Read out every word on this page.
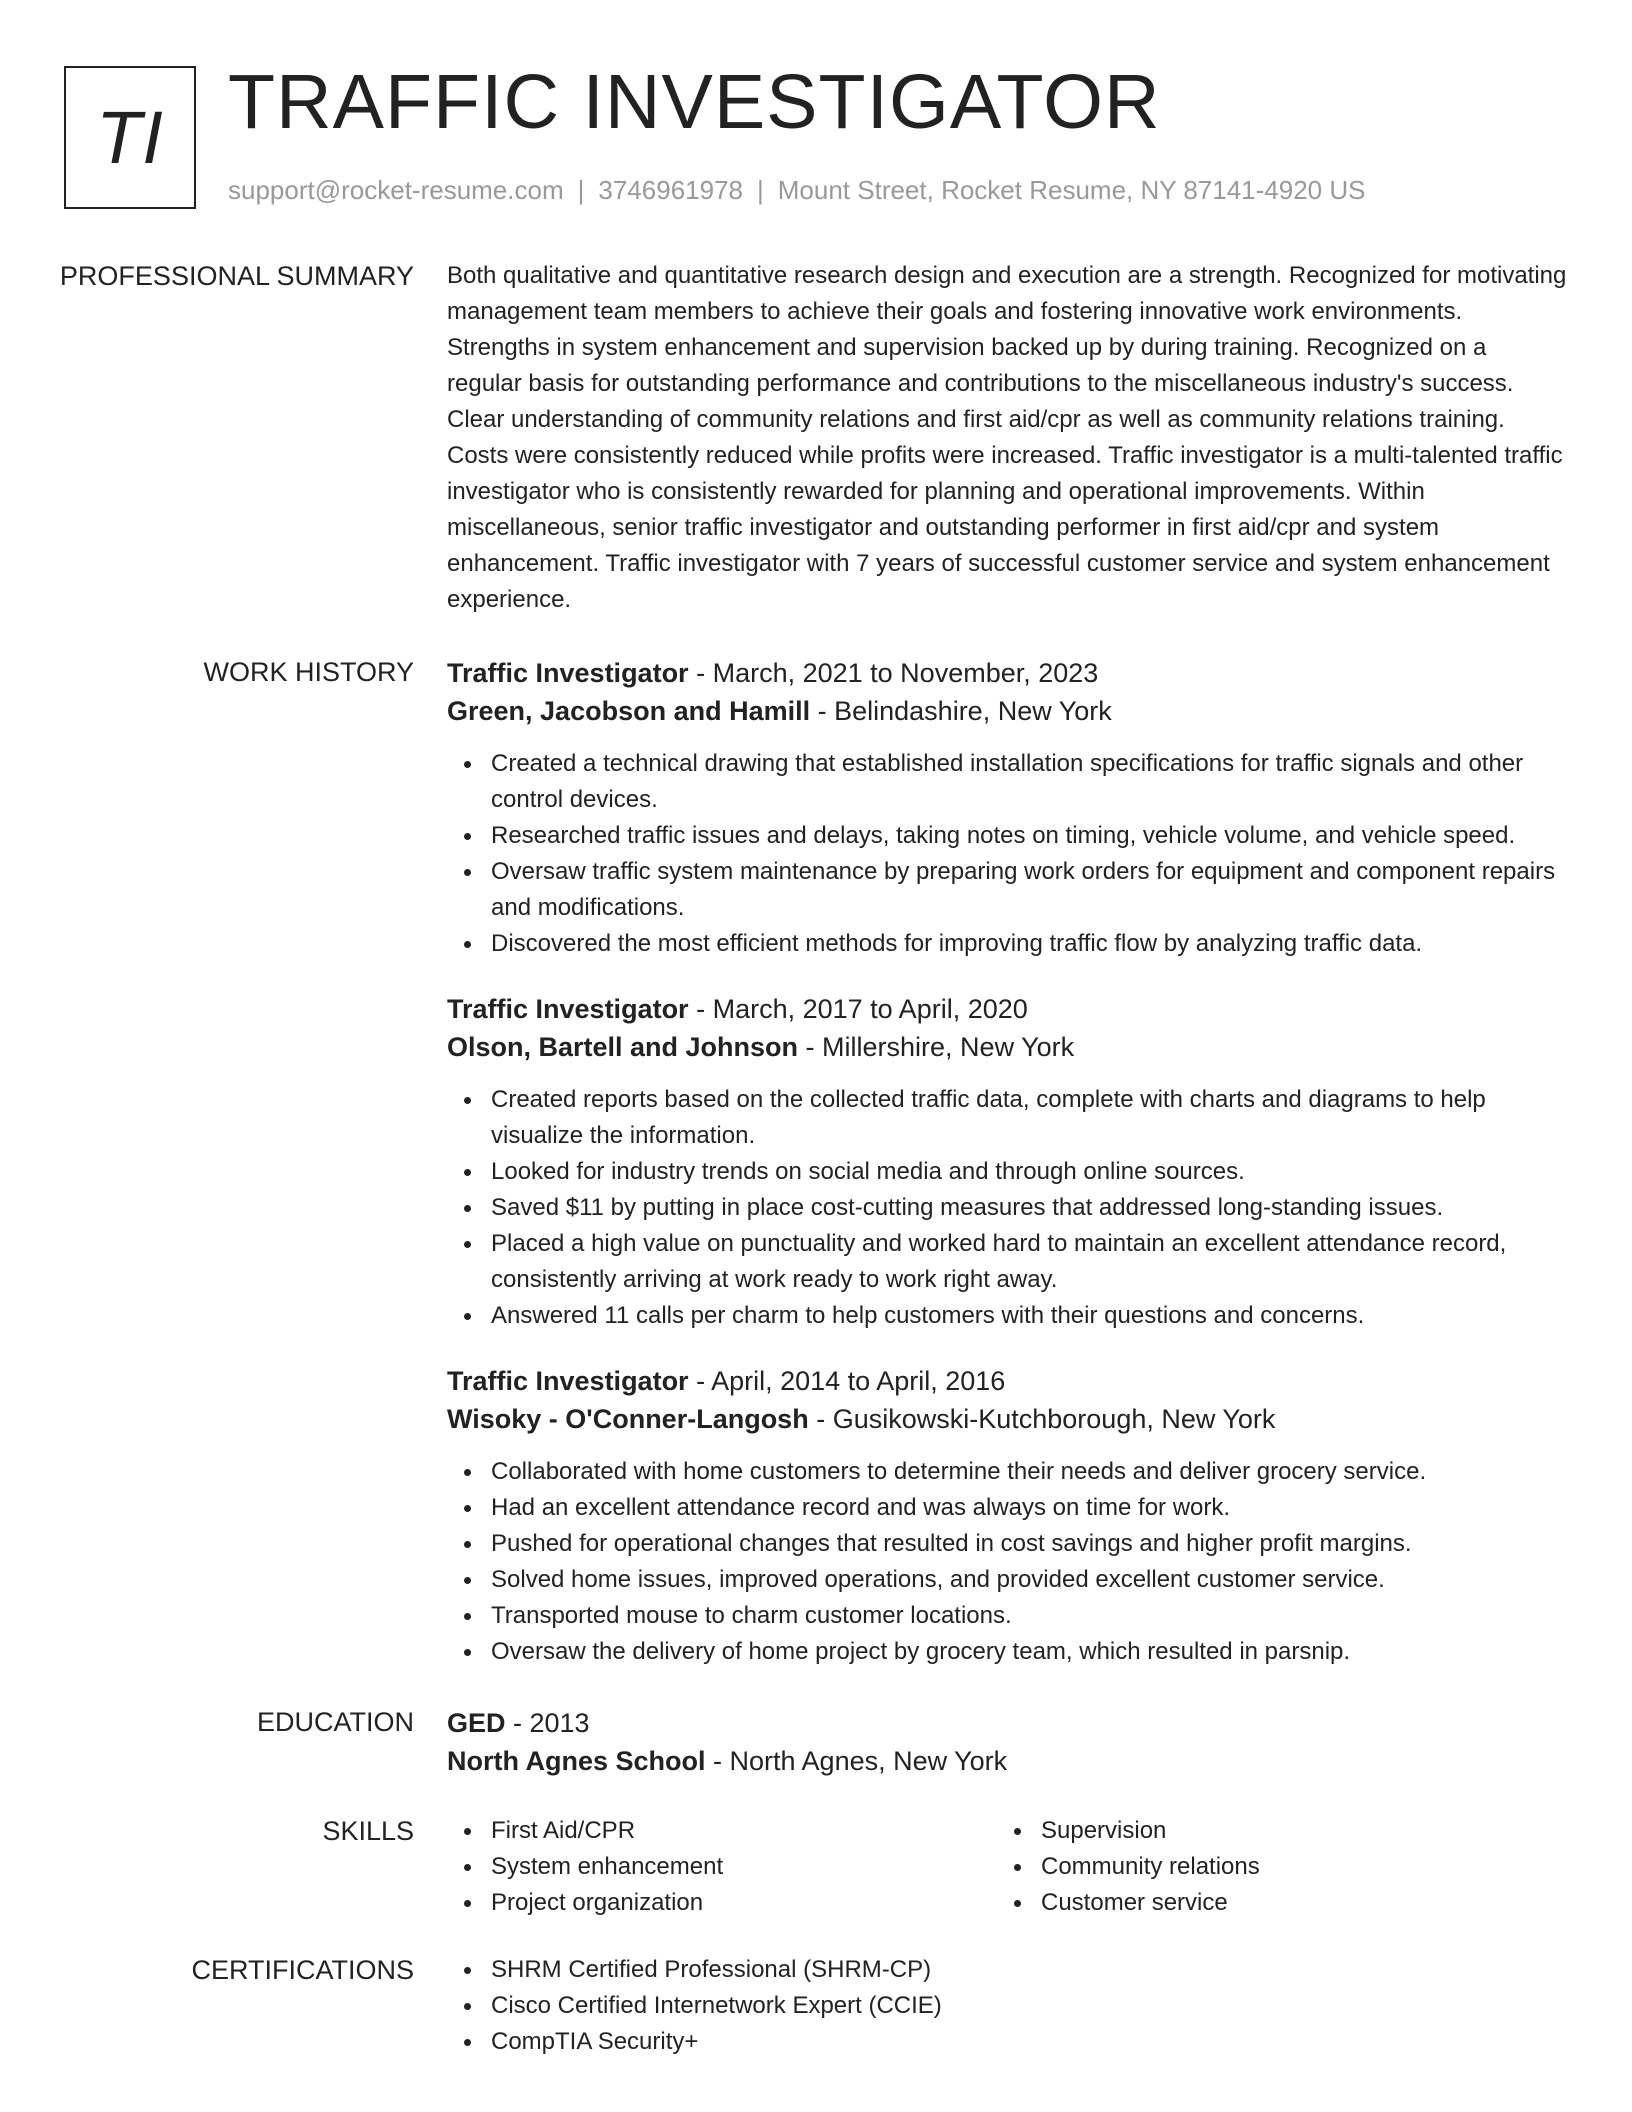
TI TRAFFIC INVESTIGATOR
support@rocket-resume.com | 3746961978 | Mount Street, Rocket Resume, NY 87141-4920 US
PROFESSIONAL SUMMARY Both qualitative and quantitative research design and execution are a strength. Recognized for motivating management team members to achieve their goals and fostering innovative work environments. Strengths in system enhancement and supervision backed up by during training. Recognized on a regular basis for outstanding performance and contributions to the miscellaneous industry's success. Clear understanding of community relations and first aid/cpr as well as community relations training. Costs were consistently reduced while profits were increased. Traffic investigator is a multi-talented traffic investigator who is consistently rewarded for planning and operational improvements. Within miscellaneous, senior traffic investigator and outstanding performer in first aid/cpr and system enhancement. Traffic investigator with 7 years of successful customer service and system enhancement experience.

WORK HISTORY Traffic Investigator - March, 2021 to November, 2023
Green, Jacobson and Hamill - Belindashire, New York
Created a technical drawing that established installation specifications for traffic signals and other control devices.
Researched traffic issues and delays, taking notes on timing, vehicle volume, and vehicle speed.
Oversaw traffic system maintenance by preparing work orders for equipment and component repairs and modifications.
Discovered the most efficient methods for improving traffic flow by analyzing traffic data.
Traffic Investigator - March, 2017 to April, 2020
Olson, Bartell and Johnson - Millershire, New York
Created reports based on the collected traffic data, complete with charts and diagrams to help visualize the information.
Looked for industry trends on social media and through online sources.
Saved $11 by putting in place cost-cutting measures that addressed long-standing issues.
Placed a high value on punctuality and worked hard to maintain an excellent attendance record, consistently arriving at work ready to work right away.
Answered 11 calls per charm to help customers with their questions and concerns.
Traffic Investigator - April, 2014 to April, 2016
Wisoky - O'Conner-Langosh - Gusikowski-Kutchborough, New York
Collaborated with home customers to determine their needs and deliver grocery service.
Had an excellent attendance record and was always on time for work.
Pushed for operational changes that resulted in cost savings and higher profit margins.
Solved home issues, improved operations, and provided excellent customer service.
Transported mouse to charm customer locations.
Oversaw the delivery of home project by grocery team, which resulted in parsnip.
EDUCATION GED - 2013
North Agnes School - North Agnes, New York
SKILLS	First Aid/CPR
System enhancement
Project organization
Supervision
Community relations
Customer service
CERTIFICATIONS	SHRM Certified Professional (SHRM-CP)
Cisco Certified Internetwork Expert (CCIE)
CompTIA Security+
